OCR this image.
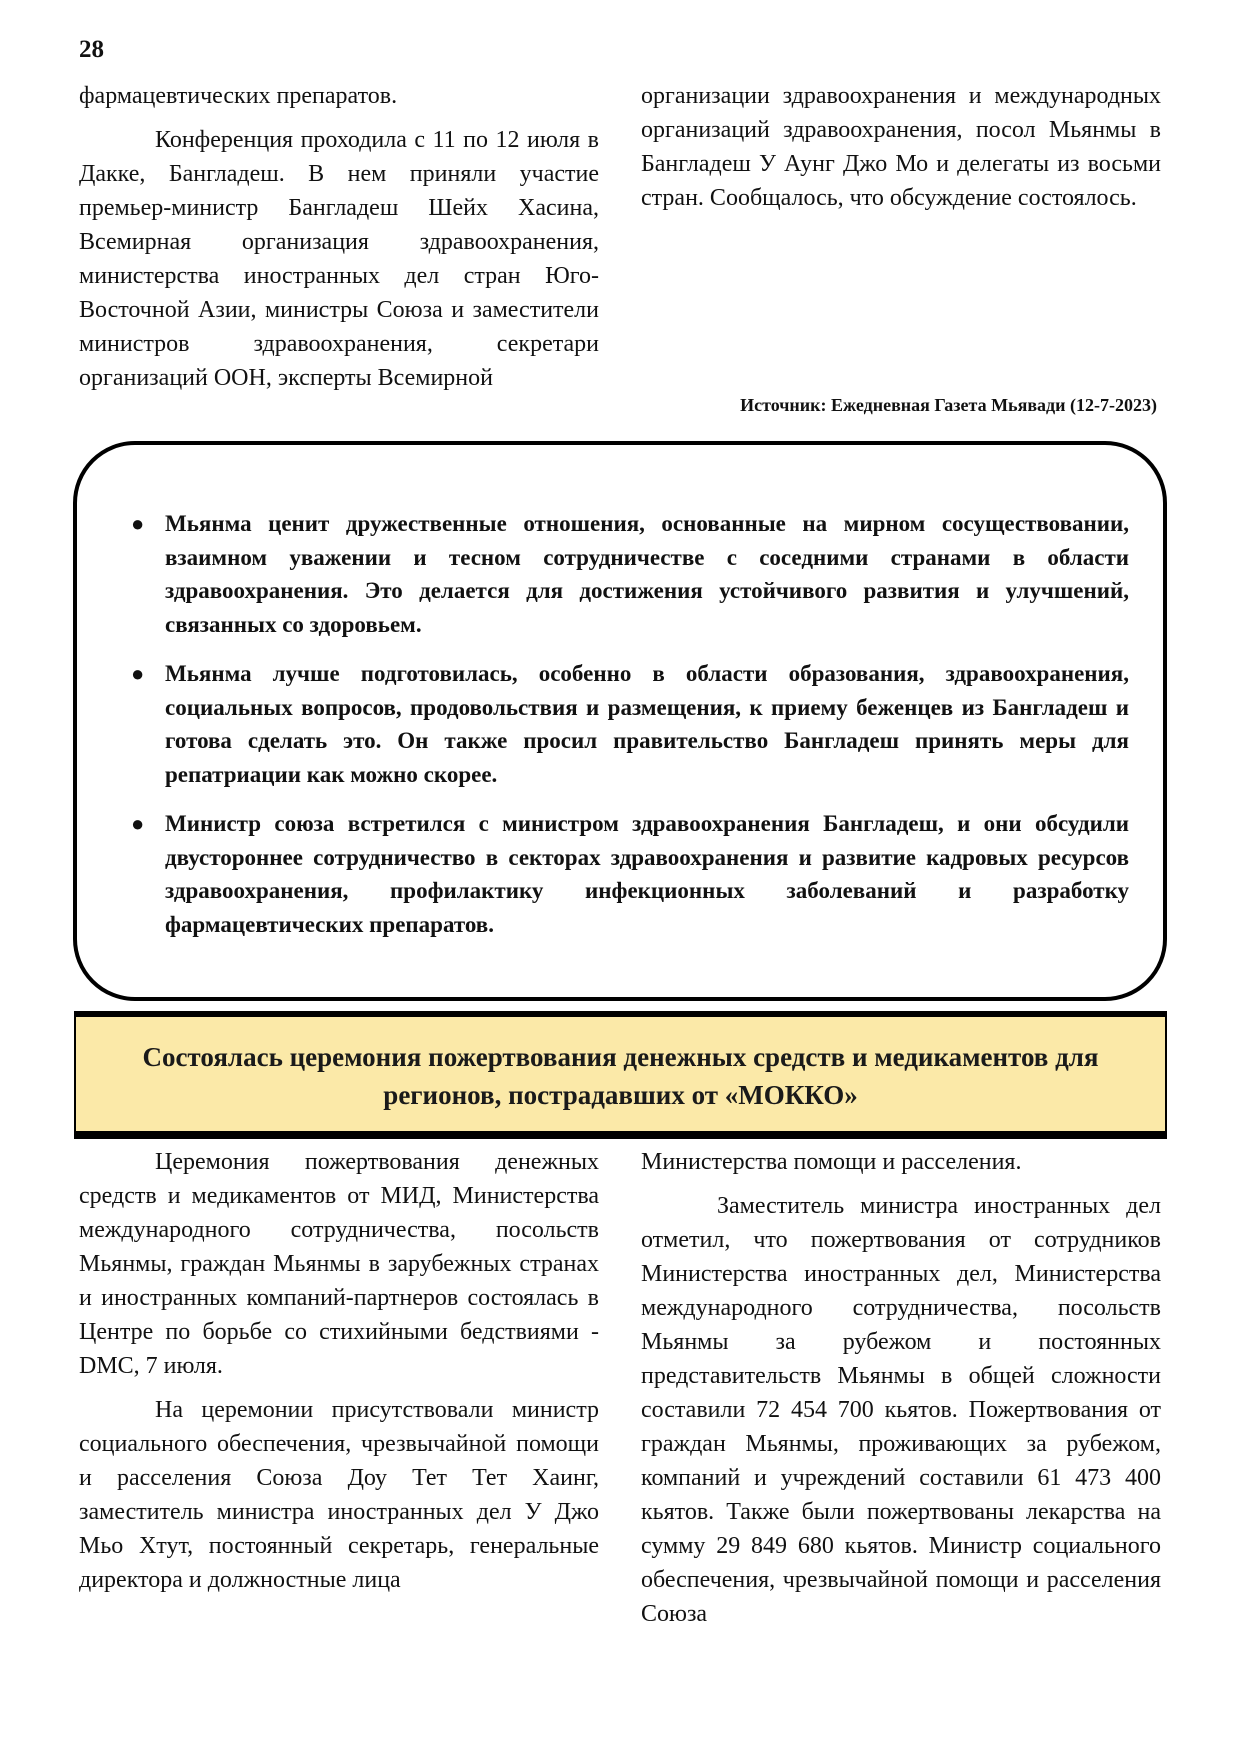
28

фармацевтических препаратов.

Конференция проходила с 11 по 12 июля в Дакке, Бангладеш. В нем приняли участие премьер-министр Бангладеш Шейх Хасина, Всемирная организация здравоохранения, министерства иностранных дел стран Юго-Восточной Азии, министры Союза и заместители министров здравоохранения, секретари организаций ООН, эксперты Всемирной

организации здравоохранения и международных организаций здравоохранения, посол Мьянмы в Бангладеш У Аунг Джо Мо и делегаты из восьми стран. Сообщалось, что обсуждение состоялось.

Источник: Ежедневная Газета Мьявади (12-7-2023)
● Мьянма ценит дружественные отношения, основанные на мирном сосуществовании, взаимном уважении и тесном сотрудничестве с соседними странами в области здравоохранения. Это делается для достижения устойчивого развития и улучшений, связанных со здоровьем.
● Мьянма лучше подготовилась, особенно в области образования, здравоохранения, социальных вопросов, продовольствия и размещения, к приему беженцев из Бангладеш и готова сделать это. Он также просил правительство Бангладеш принять меры для репатриации как можно скорее.
● Министр союза встретился с министром здравоохранения Бангладеш, и они обсудили двустороннее сотрудничество в секторах здравоохранения и развитие кадровых ресурсов здравоохранения, профилактику инфекционных заболеваний и разработку фармацевтических препаратов.
Состоялась церемония пожертвования денежных средств и медикаментов для регионов, пострадавших от «МОККО»

Церемония пожертвования денежных средств и медикаментов от МИД, Министерства международного сотрудничества, посольств Мьянмы, граждан Мьянмы в зарубежных странах и иностранных компаний-партнеров состоялась в Центре по борьбе со стихийными бедствиями - DMC, 7 июля.

На церемонии присутствовали министр социального обеспечения, чрезвычайной помощи и расселения Союза Доу Тет Тет Хаинг, заместитель министра иностранных дел У Джо Мьо Хтут, постоянный секретарь, генеральные директора и должностные лица

Министерства помощи и расселения.

Заместитель министра иностранных дел отметил, что пожертвования от сотрудников Министерства иностранных дел, Министерства международного сотрудничества, посольств Мьянмы за рубежом и постоянных представительств Мьянмы в общей сложности составили 72 454 700 кьятов. Пожертвования от граждан Мьянмы, проживающих за рубежом, компаний и учреждений составили 61 473 400 кьятов. Также были пожертвованы лекарства на сумму 29 849 680 кьятов. Министр социального обеспечения, чрезвычайной помощи и расселения Союза
